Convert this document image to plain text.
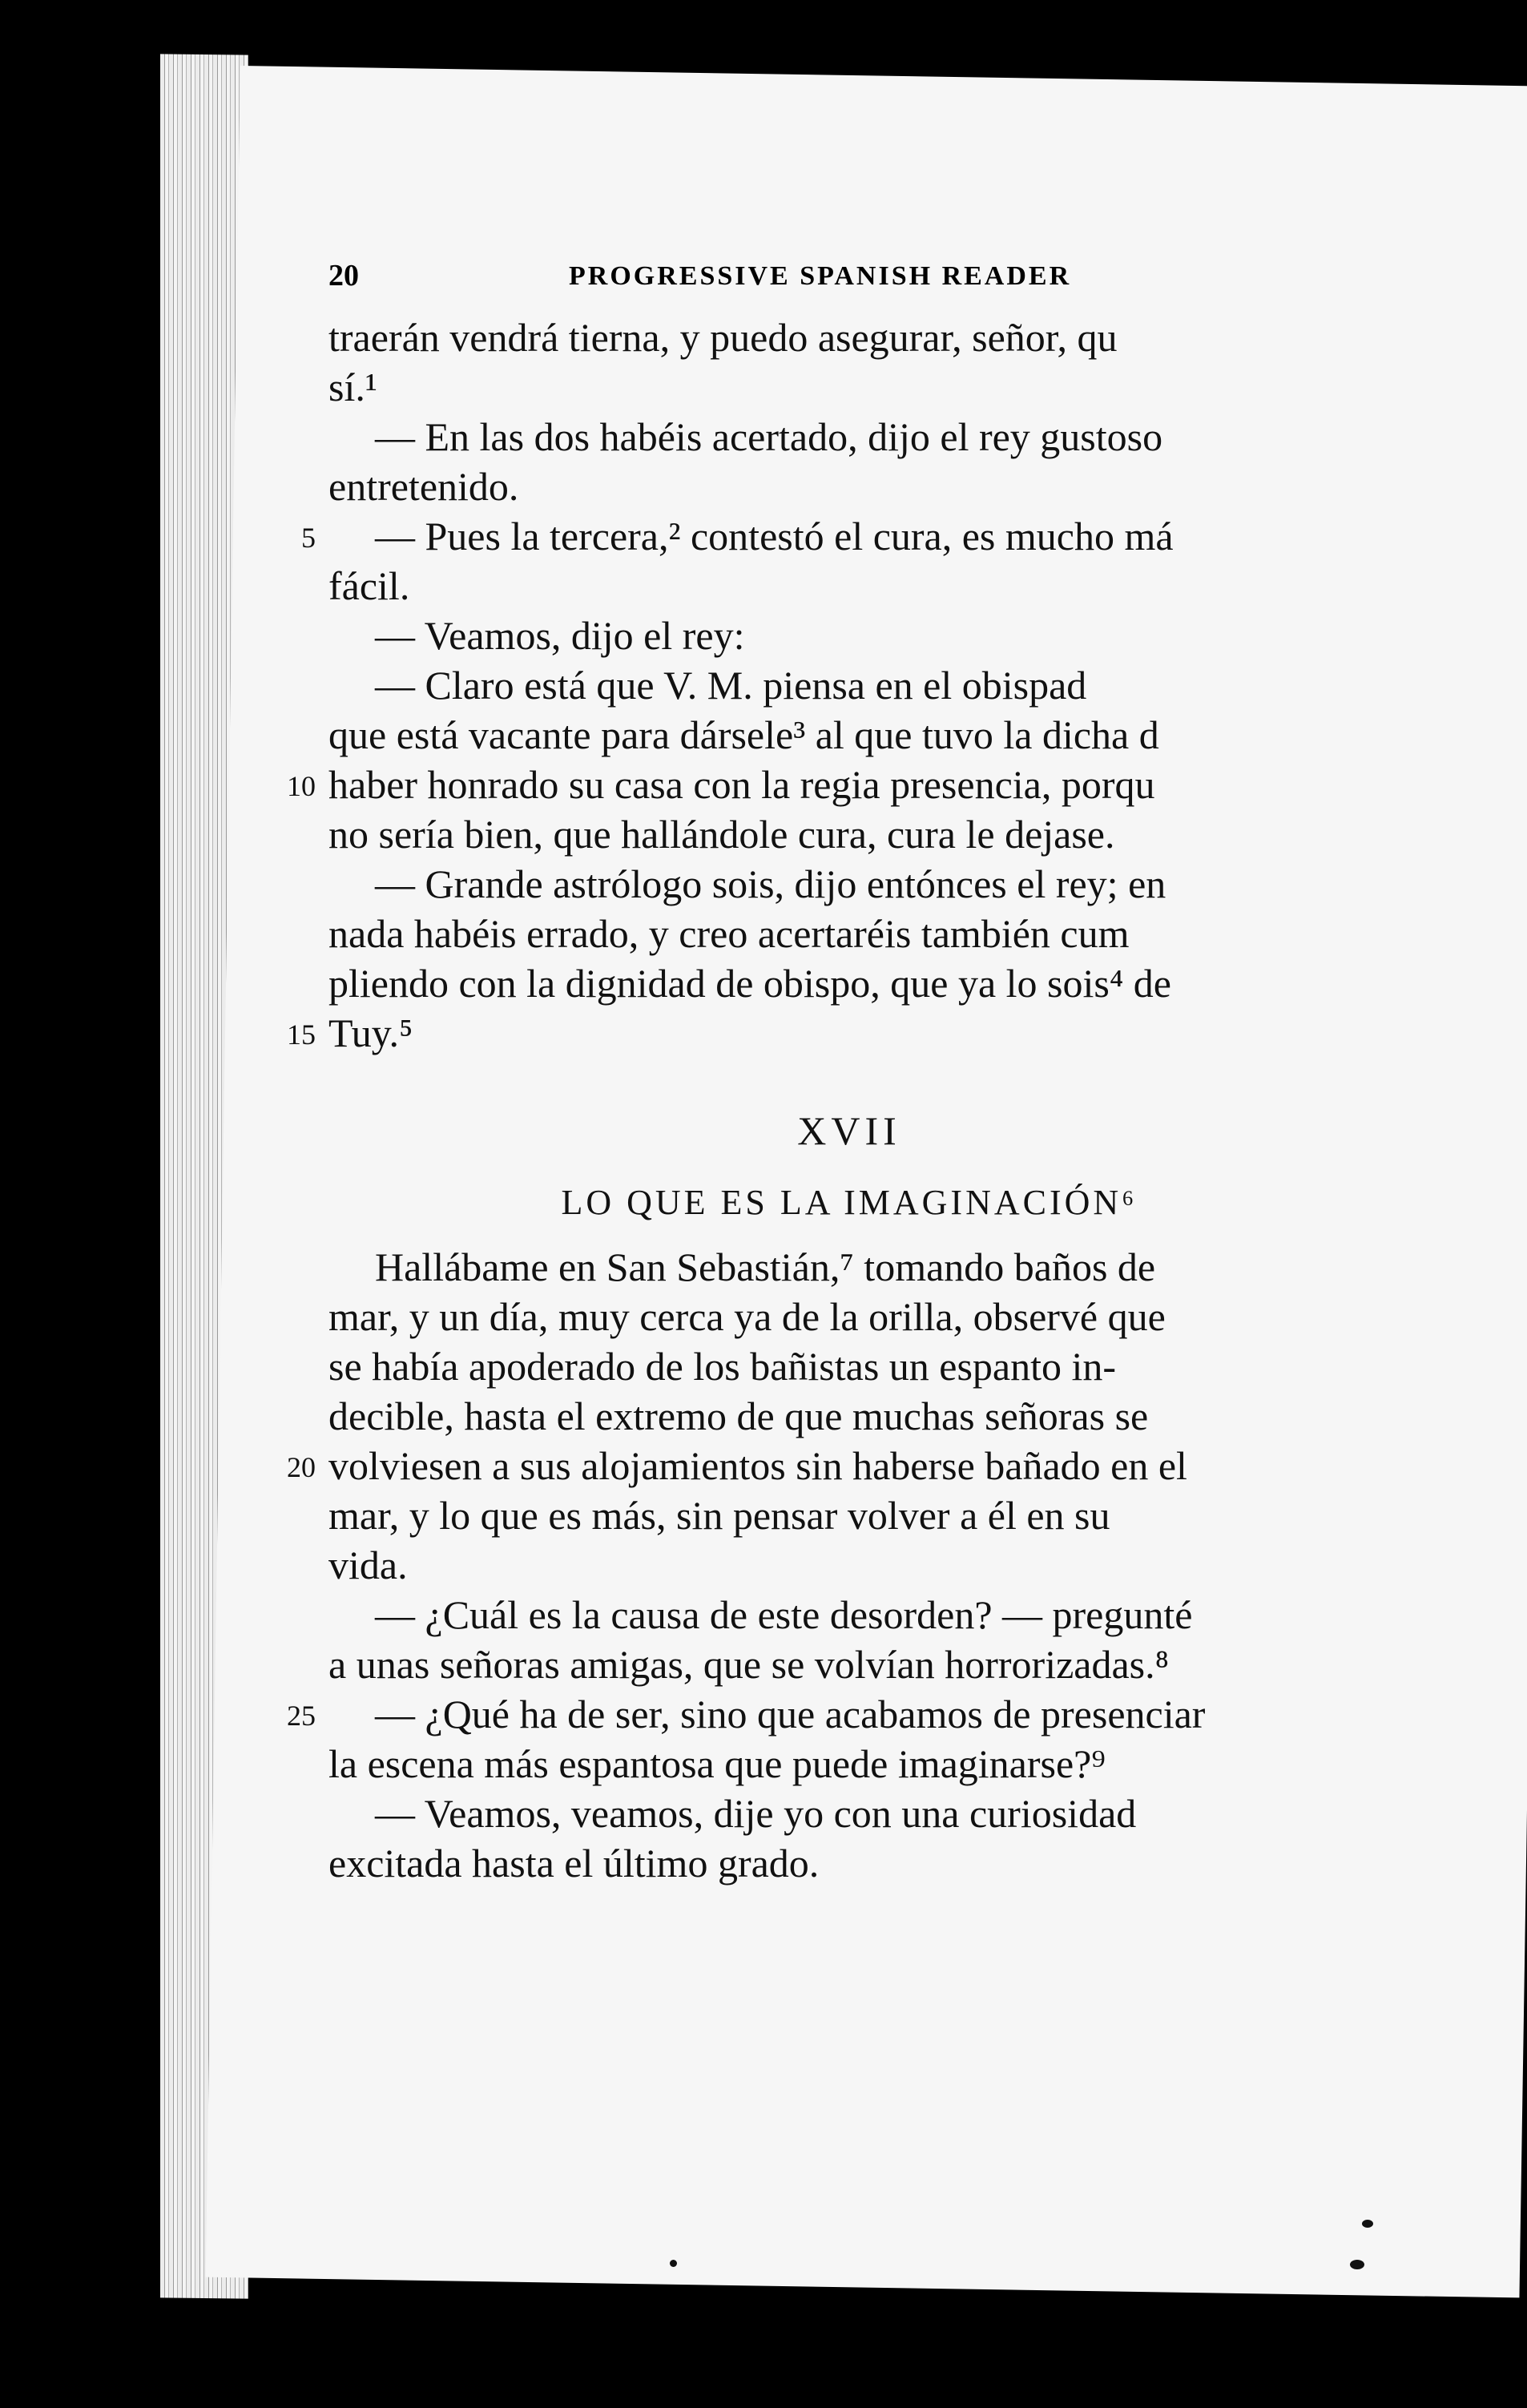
20	PROGRESSIVE SPANISH READER
traerán vendrá tierna, y puedo asegurar, señor, qu
sí.¹
— En las dos habéis acertado, dijo el rey gustoso
entretenido.
5 — Pues la tercera,² contestó el cura, es mucho má
fácil.
— Veamos, dijo el rey:
— Claro está que V. M. piensa en el obispad
que está vacante para dársele³ al que tuvo la dicha d
10 haber honrado su casa con la regia presencia, porqu
no sería bien, que hallándole cura, cura le dejase.
— Grande astrólogo sois, dijo entónces el rey; en
nada habéis errado, y creo acertaréis también cum
pliendo con la dignidad de obispo, que ya lo sois⁴ de
15 Tuy.⁵
XVII
LO QUE ES LA IMAGINACIÓN⁶
Hallábame en San Sebastián,⁷ tomando baños de
mar, y un día, muy cerca ya de la orilla, observé que
se había apoderado de los bañistas un espanto in-
decible, hasta el extremo de que muchas señoras se
20 volviesen a sus alojamientos sin haberse bañado en el
mar, y lo que es más, sin pensar volver a él en su
vida.
— ¿Cuál es la causa de este desorden? — pregunté
a unas señoras amigas, que se volvían horrorizadas.⁸
25 — ¿Qué ha de ser, sino que acabamos de presenciar
la escena más espantosa que puede imaginarse?⁹
— Veamos, veamos, dije yo con una curiosidad
excitada hasta el último grado.
